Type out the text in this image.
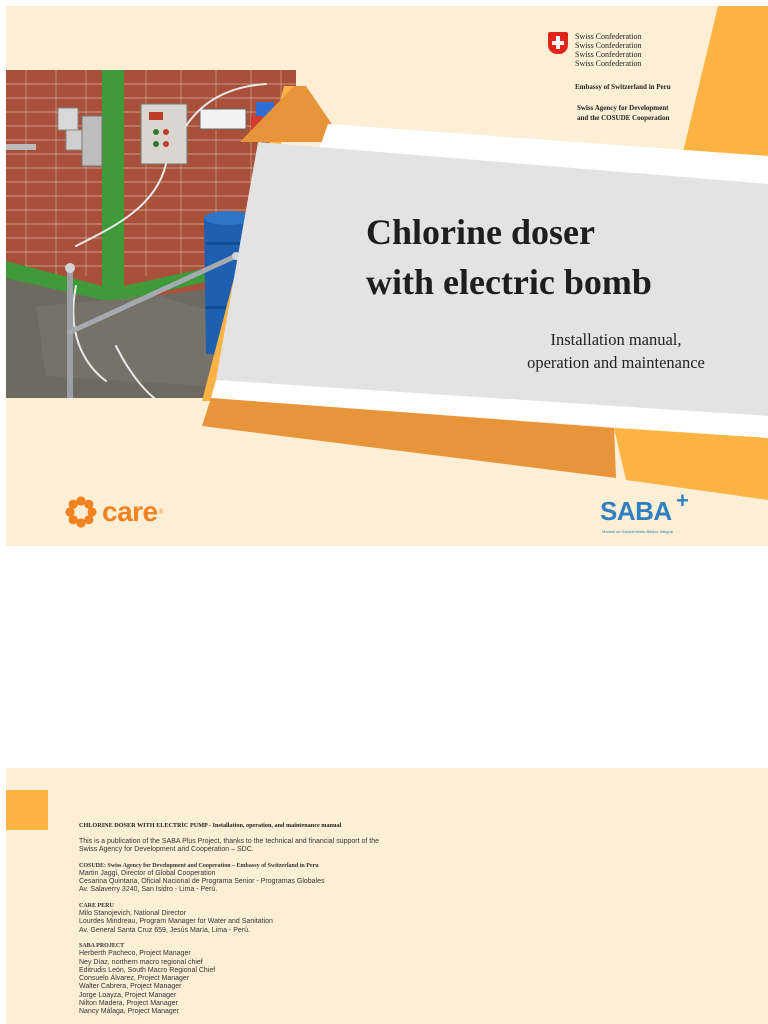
Swiss Confederation
Swiss Confederation
Swiss Confederation
Swiss Confederation
Embassy of Switzerland in Peru
Swiss Agency for Development
and the COSUDE Cooperation
Chlorine doser
with electric bomb
Installation manual,
operation and maintenance
care ®	SABA +
Modelo de Saneamiento Básico Integral
CHLORINE DOSER WITH ELECTRIC PUMP - Installation, operation, and maintenance manual
This is a publication of the SABA Plus Project, thanks to the technical and financial support of the
Swiss Agency for Development and Cooperation – SDC.
COSUDE: Swiss Agency for Development and Cooperation – Embassy of Switzerland in Peru
Martin Jaggi, Director of Global Cooperation
Cesarina Quintana, Oficial Nacional de Programa Senior - Programas Globales
Av. Salaverry 3240, San Isidro - Lima - Perú.
CARE PERU
Milo Stanojevich, National Director
Lourdes Mindreau, Program Manager for Water and Sanitation
Av. General Santa Cruz 659, Jesús María, Lima - Perú.
SABA PROJECT
Herberth Pacheco, Project Manager
Ney Díaz, northern macro regional chief
Editrudis León, South Macro Regional Chief
Consuelo Álvarez, Project Manager
Walter Cabrera, Project Manager
Jorge Loayza, Project Manager
Nilton Madera, Project Manager
Nancy Málaga, Project Manager
